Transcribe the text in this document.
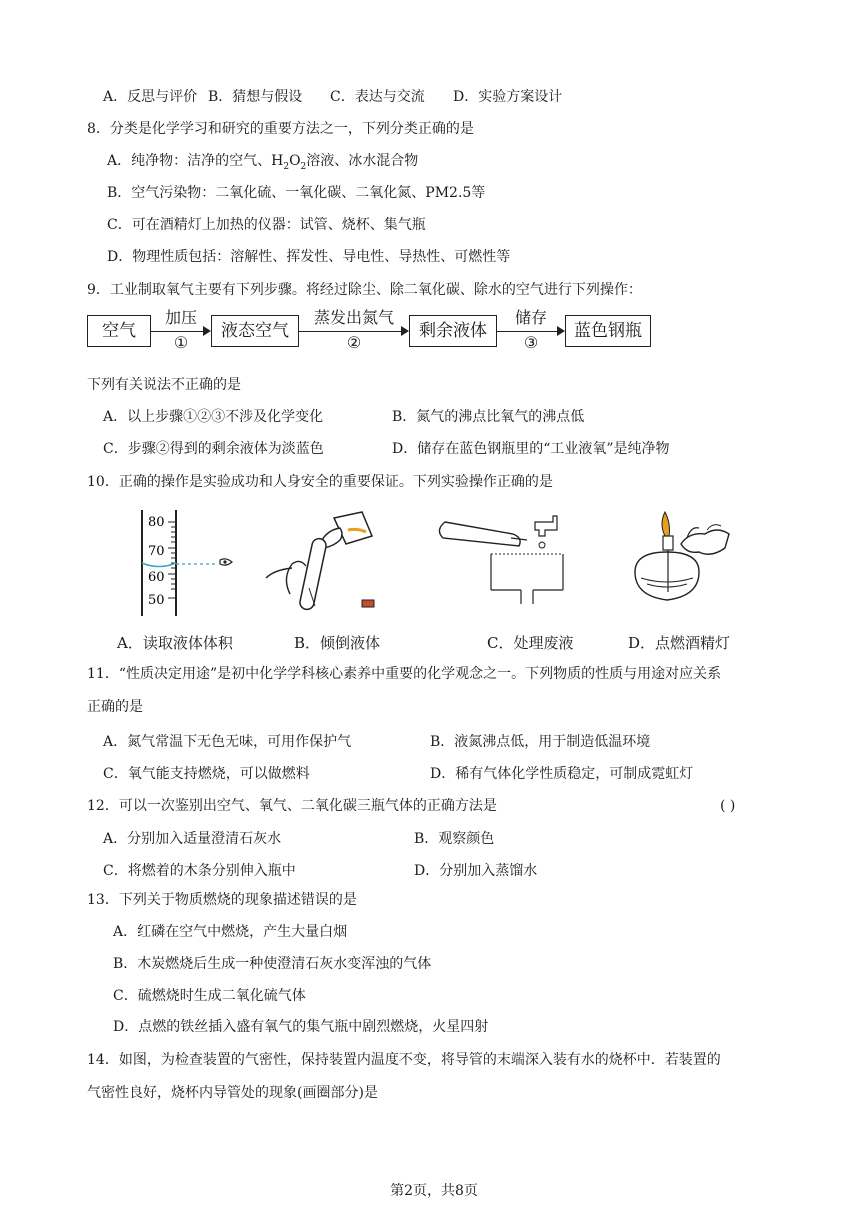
A．反思与评价 B．猜想与假设 C．表达与交流 D．实验方案设计
8．分类是化学学习和研究的重要方法之一，下列分类正确的是
A．纯净物：洁净的空气、$H_2O_2$溶液、冰水混合物
B．空气污染物：二氧化硫、一氧化碳、二氧化氮、PM2.5等
C．可在酒精灯上加热的仪器：试管、烧杯、集气瓶
D．物理性质包括：溶解性、挥发性、导电性、导热性、可燃性等
9．工业制取氧气主要有下列步骤。将经过除尘、除二氧化碳、除水的空气进行下列操作：
空气
加压
①
液态空气
蒸发出氮气
②
剩余液体
储存
③
蓝色钢瓶
下列有关说法不正确的是
A．以上步骤①②③不涉及化学变化	B．氮气的沸点比氧气的沸点低
C．步骤②得到的剩余液体为淡蓝色	D．储存在蓝色钢瓶里的“工业液氧”是纯净物
10．正确的操作是实验成功和人身安全的重要保证。下列实验操作正确的是
80
70
60
50
A．读取液体体积	B．倾倒液体	C．处理废液	D．点燃酒精灯
11．“性质决定用途”是初中化学学科核心素养中重要的化学观念之一。下列物质的性质与用途对应关系
正确的是
A．氮气常温下无色无味，可用作保护气	B．液氮沸点低，用于制造低温环境
C．氧气能支持燃烧，可以做燃料	D．稀有气体化学性质稳定，可制成霓虹灯
12．可以一次鉴别出空气、氧气、二氧化碳三瓶气体的正确方法是	( )
A．分别加入适量澄清石灰水	B．观察颜色
C．将燃着的木条分别伸入瓶中	D．分别加入蒸馏水
13．下列关于物质燃烧的现象描述错误的是
A．红磷在空气中燃烧，产生大量白烟
B．木炭燃烧后生成一种使澄清石灰水变浑浊的气体
C．硫燃烧时生成二氧化硫气体
D．点燃的铁丝插入盛有氧气的集气瓶中剧烈燃烧，火星四射
14．如图，为检查装置的气密性，保持装置内温度不变，将导管的末端深入装有水的烧杯中．若装置的
气密性良好，烧杯内导管处的现象(画圈部分)是
第2页，共8页
